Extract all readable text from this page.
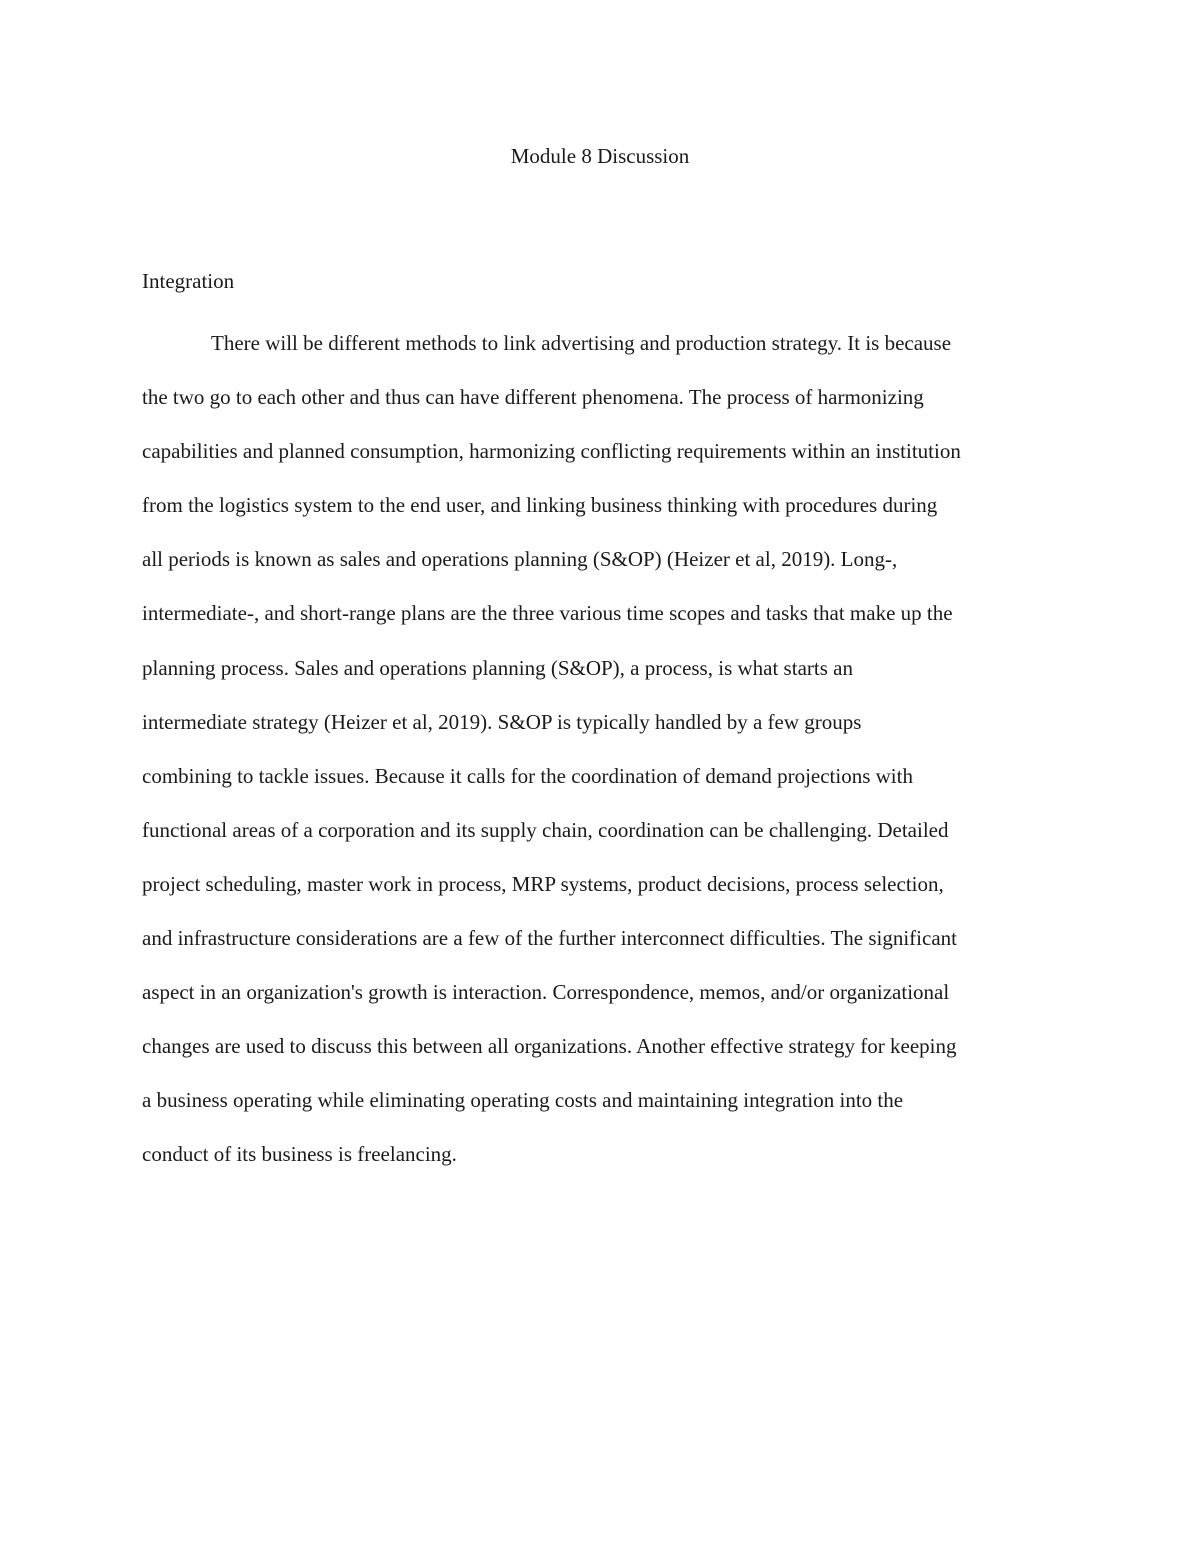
Module 8 Discussion
Integration
There will be different methods to link advertising and production strategy. It is because
the two go to each other and thus can have different phenomena. The process of harmonizing
capabilities and planned consumption, harmonizing conflicting requirements within an institution
from the logistics system to the end user, and linking business thinking with procedures during
all periods is known as sales and operations planning (S&OP) (Heizer et al, 2019). Long-,
intermediate-, and short-range plans are the three various time scopes and tasks that make up the
planning process. Sales and operations planning (S&OP), a process, is what starts an
intermediate strategy (Heizer et al, 2019). S&OP is typically handled by a few groups
combining to tackle issues. Because it calls for the coordination of demand projections with
functional areas of a corporation and its supply chain, coordination can be challenging. Detailed
project scheduling, master work in process, MRP systems, product decisions, process selection,
and infrastructure considerations are a few of the further interconnect difficulties. The significant
aspect in an organization's growth is interaction. Correspondence, memos, and/or organizational
changes are used to discuss this between all organizations. Another effective strategy for keeping
a business operating while eliminating operating costs and maintaining integration into the
conduct of its business is freelancing.
